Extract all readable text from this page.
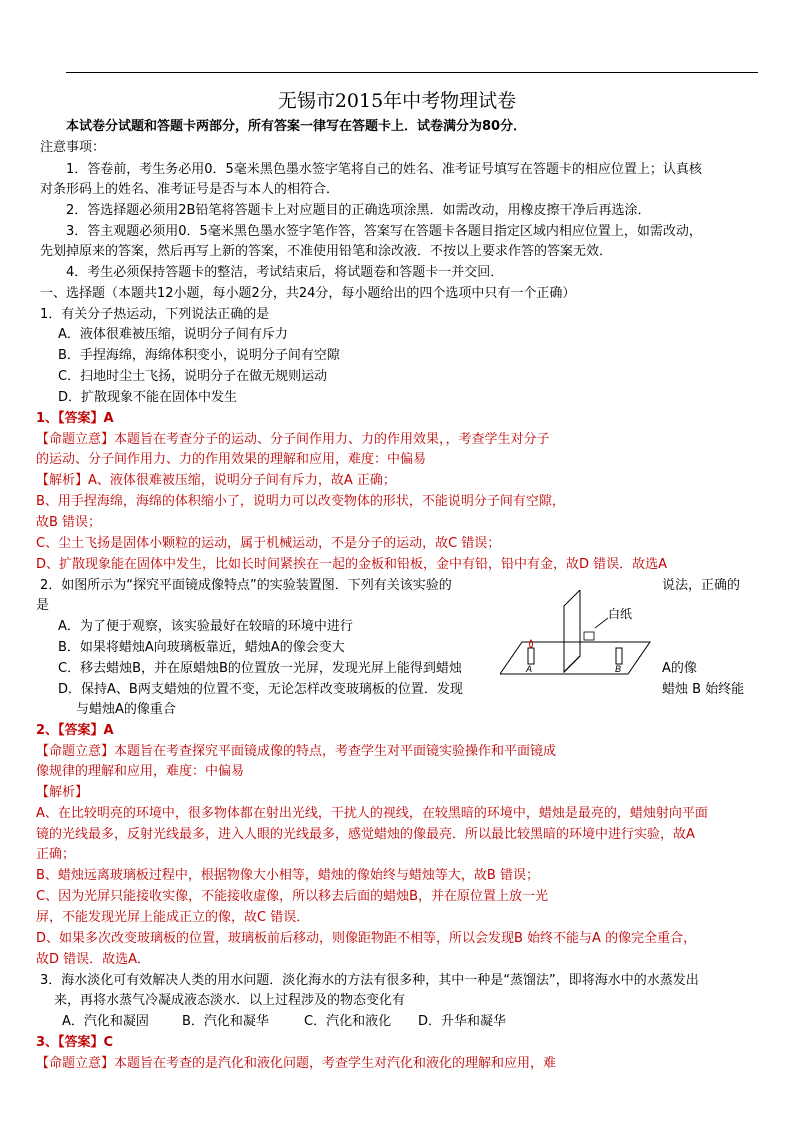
无锡市2015年中考物理试卷
本试卷分试题和答题卡两部分，所有答案一律写在答题卡上．试卷满分为80分．
注意事项：
1．答卷前，考生务必用0．5毫米黑色墨水签字笔将自己的姓名、准考证号填写在答题卡的相应位置上；认真核
对条形码上的姓名、准考证号是否与本人的相符合．
2．答选择题必须用2B铅笔将答题卡上对应题目的正确选项涂黑．如需改动，用橡皮擦干净后再选涂．
3．答主观题必须用0．5毫米黑色墨水签字笔作答，答案写在答题卡各题目指定区域内相应位置上，如需改动，
先划掉原来的答案，然后再写上新的答案，不准使用铅笔和涂改液．不按以上要求作答的答案无效．
4．考生必须保持答题卡的整洁，考试结束后，将试题卷和答题卡一并交回．
一、选择题（本题共12小题，每小题2分，共24分，每小题给出的四个选项中只有一个正确）
1．有关分子热运动，下列说法正确的是
A．液体很难被压缩，说明分子间有斥力
B．手捏海绵，海绵体积变小，说明分子间有空隙
C．扫地时尘土飞扬，说明分子在做无规则运动
D．扩散现象不能在固体中发生
1、【答案】A
【命题立意】本题旨在考查分子的运动、分子间作用力、力的作用效果，，考查学生对分子
的运动、分子间作用力、力的作用效果的理解和应用，难度：中偏易
【解析】A、液体很难被压缩，说明分子间有斥力，故A 正确；
B、用手捏海绵，海绵的体积缩小了，说明力可以改变物体的形状，不能说明分子间有空隙，
故B 错误；
C、尘土飞扬是固体小颗粒的运动，属于机械运动，不是分子的运动，故C 错误；
D、扩散现象能在固体中发生，比如长时间紧挨在一起的金板和铅板，金中有铅，铅中有金，故D 错误．故选A
2．如图所示为“探究平面镜成像特点”的实验装置图．下列有关该实验的	说法，正确的
是
A．为了便于观察，该实验最好在较暗的环境中进行
B．如果将蜡烛A向玻璃板靠近，蜡烛A的像会变大
C．移去蜡烛B，并在原蜡烛B的位置放一光屏，发现光屏上能得到蜡烛	A的像
D．保持A、B两支蜡烛的位置不变，无论怎样改变玻璃板的位置．发现	蜡烛 B 始终能
与蜡烛A的像重合
A	B
白纸
2、【答案】A
【命题立意】本题旨在考查探究平面镜成像的特点，考查学生对平面镜实验操作和平面镜成
像规律的理解和应用，难度：中偏易
【解析】
A、在比较明亮的环境中，很多物体都在射出光线，干扰人的视线，在较黑暗的环境中，蜡烛是最亮的，蜡烛射向平面
镜的光线最多，反射光线最多，进入人眼的光线最多，感觉蜡烛的像最亮．所以最比较黑暗的环境中进行实验，故A
正确；
B、蜡烛远离玻璃板过程中，根据物像大小相等，蜡烛的像始终与蜡烛等大，故B 错误；
C、因为光屏只能接收实像，不能接收虚像，所以移去后面的蜡烛B，并在原位置上放一光
屏，不能发现光屏上能成正立的像，故C 错误．
D、如果多次改变玻璃板的位置，玻璃板前后移动，则像距物距不相等，所以会发现B 始终不能与A 的像完全重合，
故D 错误．故选A．
3．海水淡化可有效解决人类的用水问题．淡化海水的方法有很多种，其中一种是“蒸馏法”，即将海水中的水蒸发出
来，再将水蒸气冷凝成液态淡水．以上过程涉及的物态变化有
A．汽化和凝固	B．汽化和凝华	C．汽化和液化 D．升华和凝华
3、【答案】C
【命题立意】本题旨在考查的是汽化和液化问题，考查学生对汽化和液化的理解和应用，难
